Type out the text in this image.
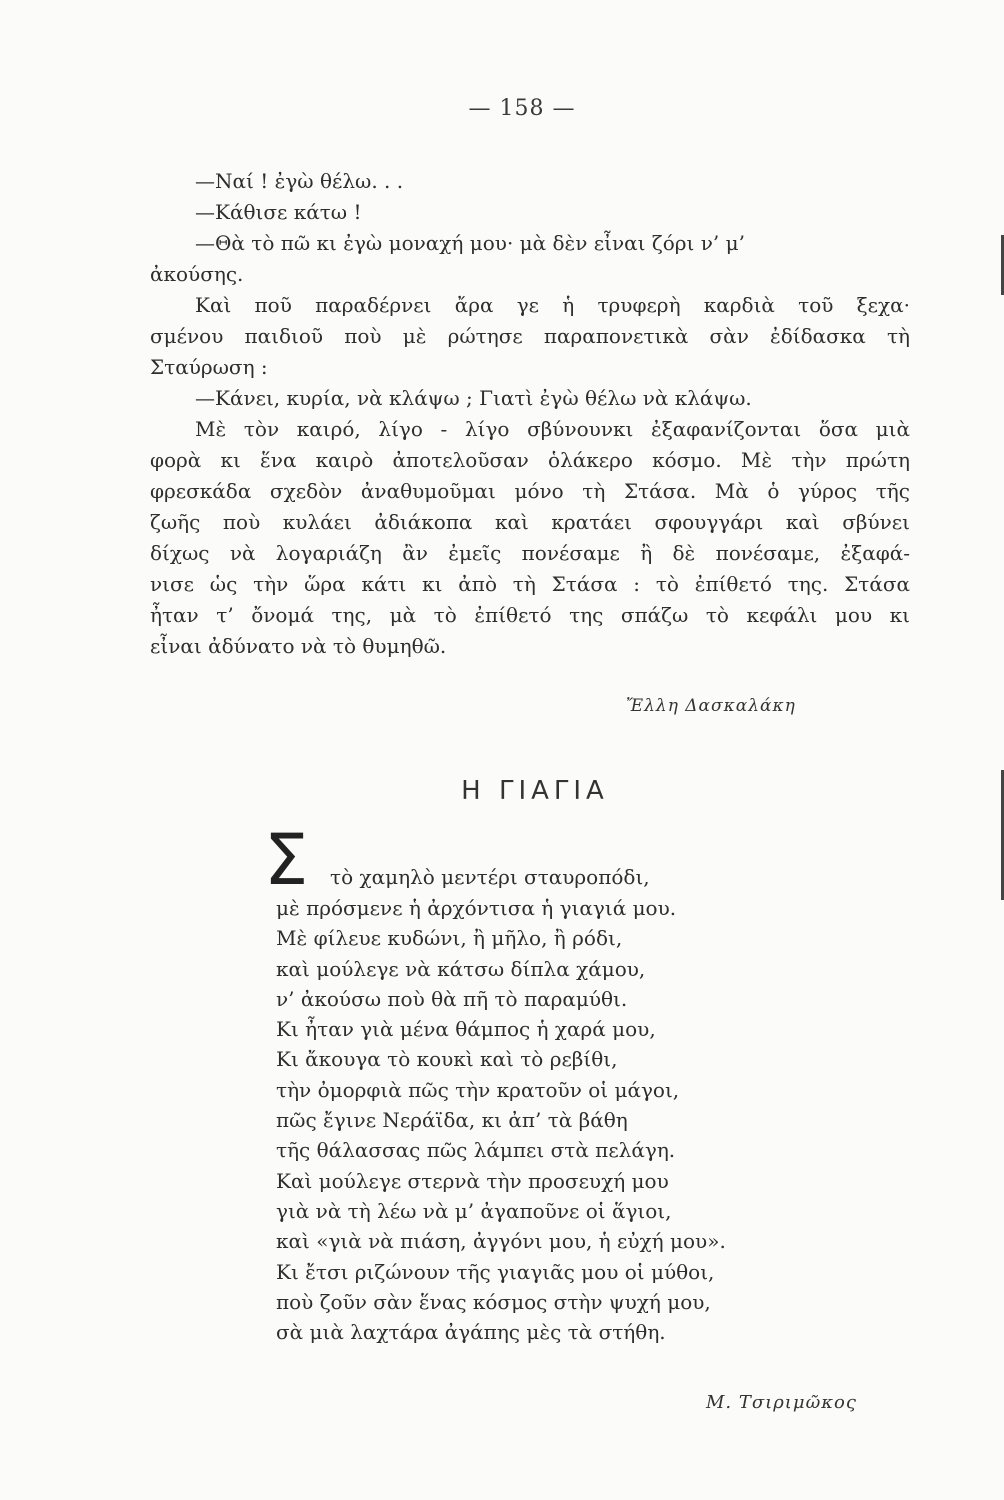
— 158 —
—Ναί ! ἐγὼ θέλω. . .
—Κάθισε κάτω !
—Θὰ τὸ πῶ κι ἐγὼ μοναχή μου· μὰ δὲν εἶναι ζόρι ν’ μ’
ἀκούσης.
Καὶ ποῦ παραδέρνει ἄρα γε ἡ τρυφερὴ καρδιὰ τοῦ ξεχα·
σμένου παιδιοῦ ποὺ μὲ ρώτησε παραπονετικὰ σὰν ἐδίδασκα τὴ
Σταύρωση :
—Κάνει, κυρία, νὰ κλάψω ; Γιατὶ ἐγὼ θέλω νὰ κλάψω.
Μὲ τὸν καιρό, λίγο - λίγο σβύνουνκι ἐξαφανίζονται ὅσα μιὰ
φορὰ κι ἕνα καιρὸ ἀποτελοῦσαν ὁλάκερο κόσμο. Μὲ τὴν πρώτη
φρεσκάδα σχεδὸν ἀναθυμοῦμαι μόνο τὴ Στάσα. Μὰ ὁ γύρος τῆς
ζωῆς ποὺ κυλάει ἀδιάκοπα καὶ κρατάει σφουγγάρι καὶ σβύνει
δίχως νὰ λογαριάζη ἂν ἐμεῖς πονέσαμε ἢ δὲ πονέσαμε, ἐξαφά-
νισε ὡς τὴν ὥρα κάτι κι ἀπὸ τὴ Στάσα : τὸ ἐπίθετό της. Στάσα
ἦταν τ’ ὄνομά της, μὰ τὸ ἐπίθετό της σπάζω τὸ κεφάλι μου κι
εἶναι ἀδύνατο νὰ τὸ θυμηθῶ.
Ἔλλη Δασκαλάκη
Η ΓΙΑΓΙΑ
Σ τὸ χαμηλὸ μεντέρι σταυροπόδι,
μὲ πρόσμενε ἡ ἀρχόντισα ἡ γιαγιά μου.
Μὲ φίλευε κυδώνι, ἢ μῆλο, ἢ ρόδι,
καὶ μούλεγε νὰ κάτσω δίπλα χάμου,
ν’ ἀκούσω ποὺ θὰ πῆ τὸ παραμύθι.
Κι ἦταν γιὰ μένα θάμπος ἡ χαρά μου,
Κι ἄκουγα τὸ κουκὶ καὶ τὸ ρεβίθι,
τὴν ὀμορφιὰ πῶς τὴν κρατοῦν οἱ μάγοι,
πῶς ἔγινε Νεράϊδα, κι ἀπ’ τὰ βάθη
τῆς θάλασσας πῶς λάμπει στὰ πελάγη.
Καὶ μούλεγε στερνὰ τὴν προσευχή μου
γιὰ νὰ τὴ λέω νὰ μ’ ἀγαποῦνε οἱ ἅγιοι,
καὶ «γιὰ νὰ πιάση, ἀγγόνι μου, ἡ εὐχή μου».
Κι ἔτσι ριζώνουν τῆς γιαγιᾶς μου οἱ μύθοι,
ποὺ ζοῦν σὰν ἕνας κόσμος στὴν ψυχή μου,
σὰ μιὰ λαχτάρα ἀγάπης μὲς τὰ στήθη.
Μ. Τσιριμῶκος
